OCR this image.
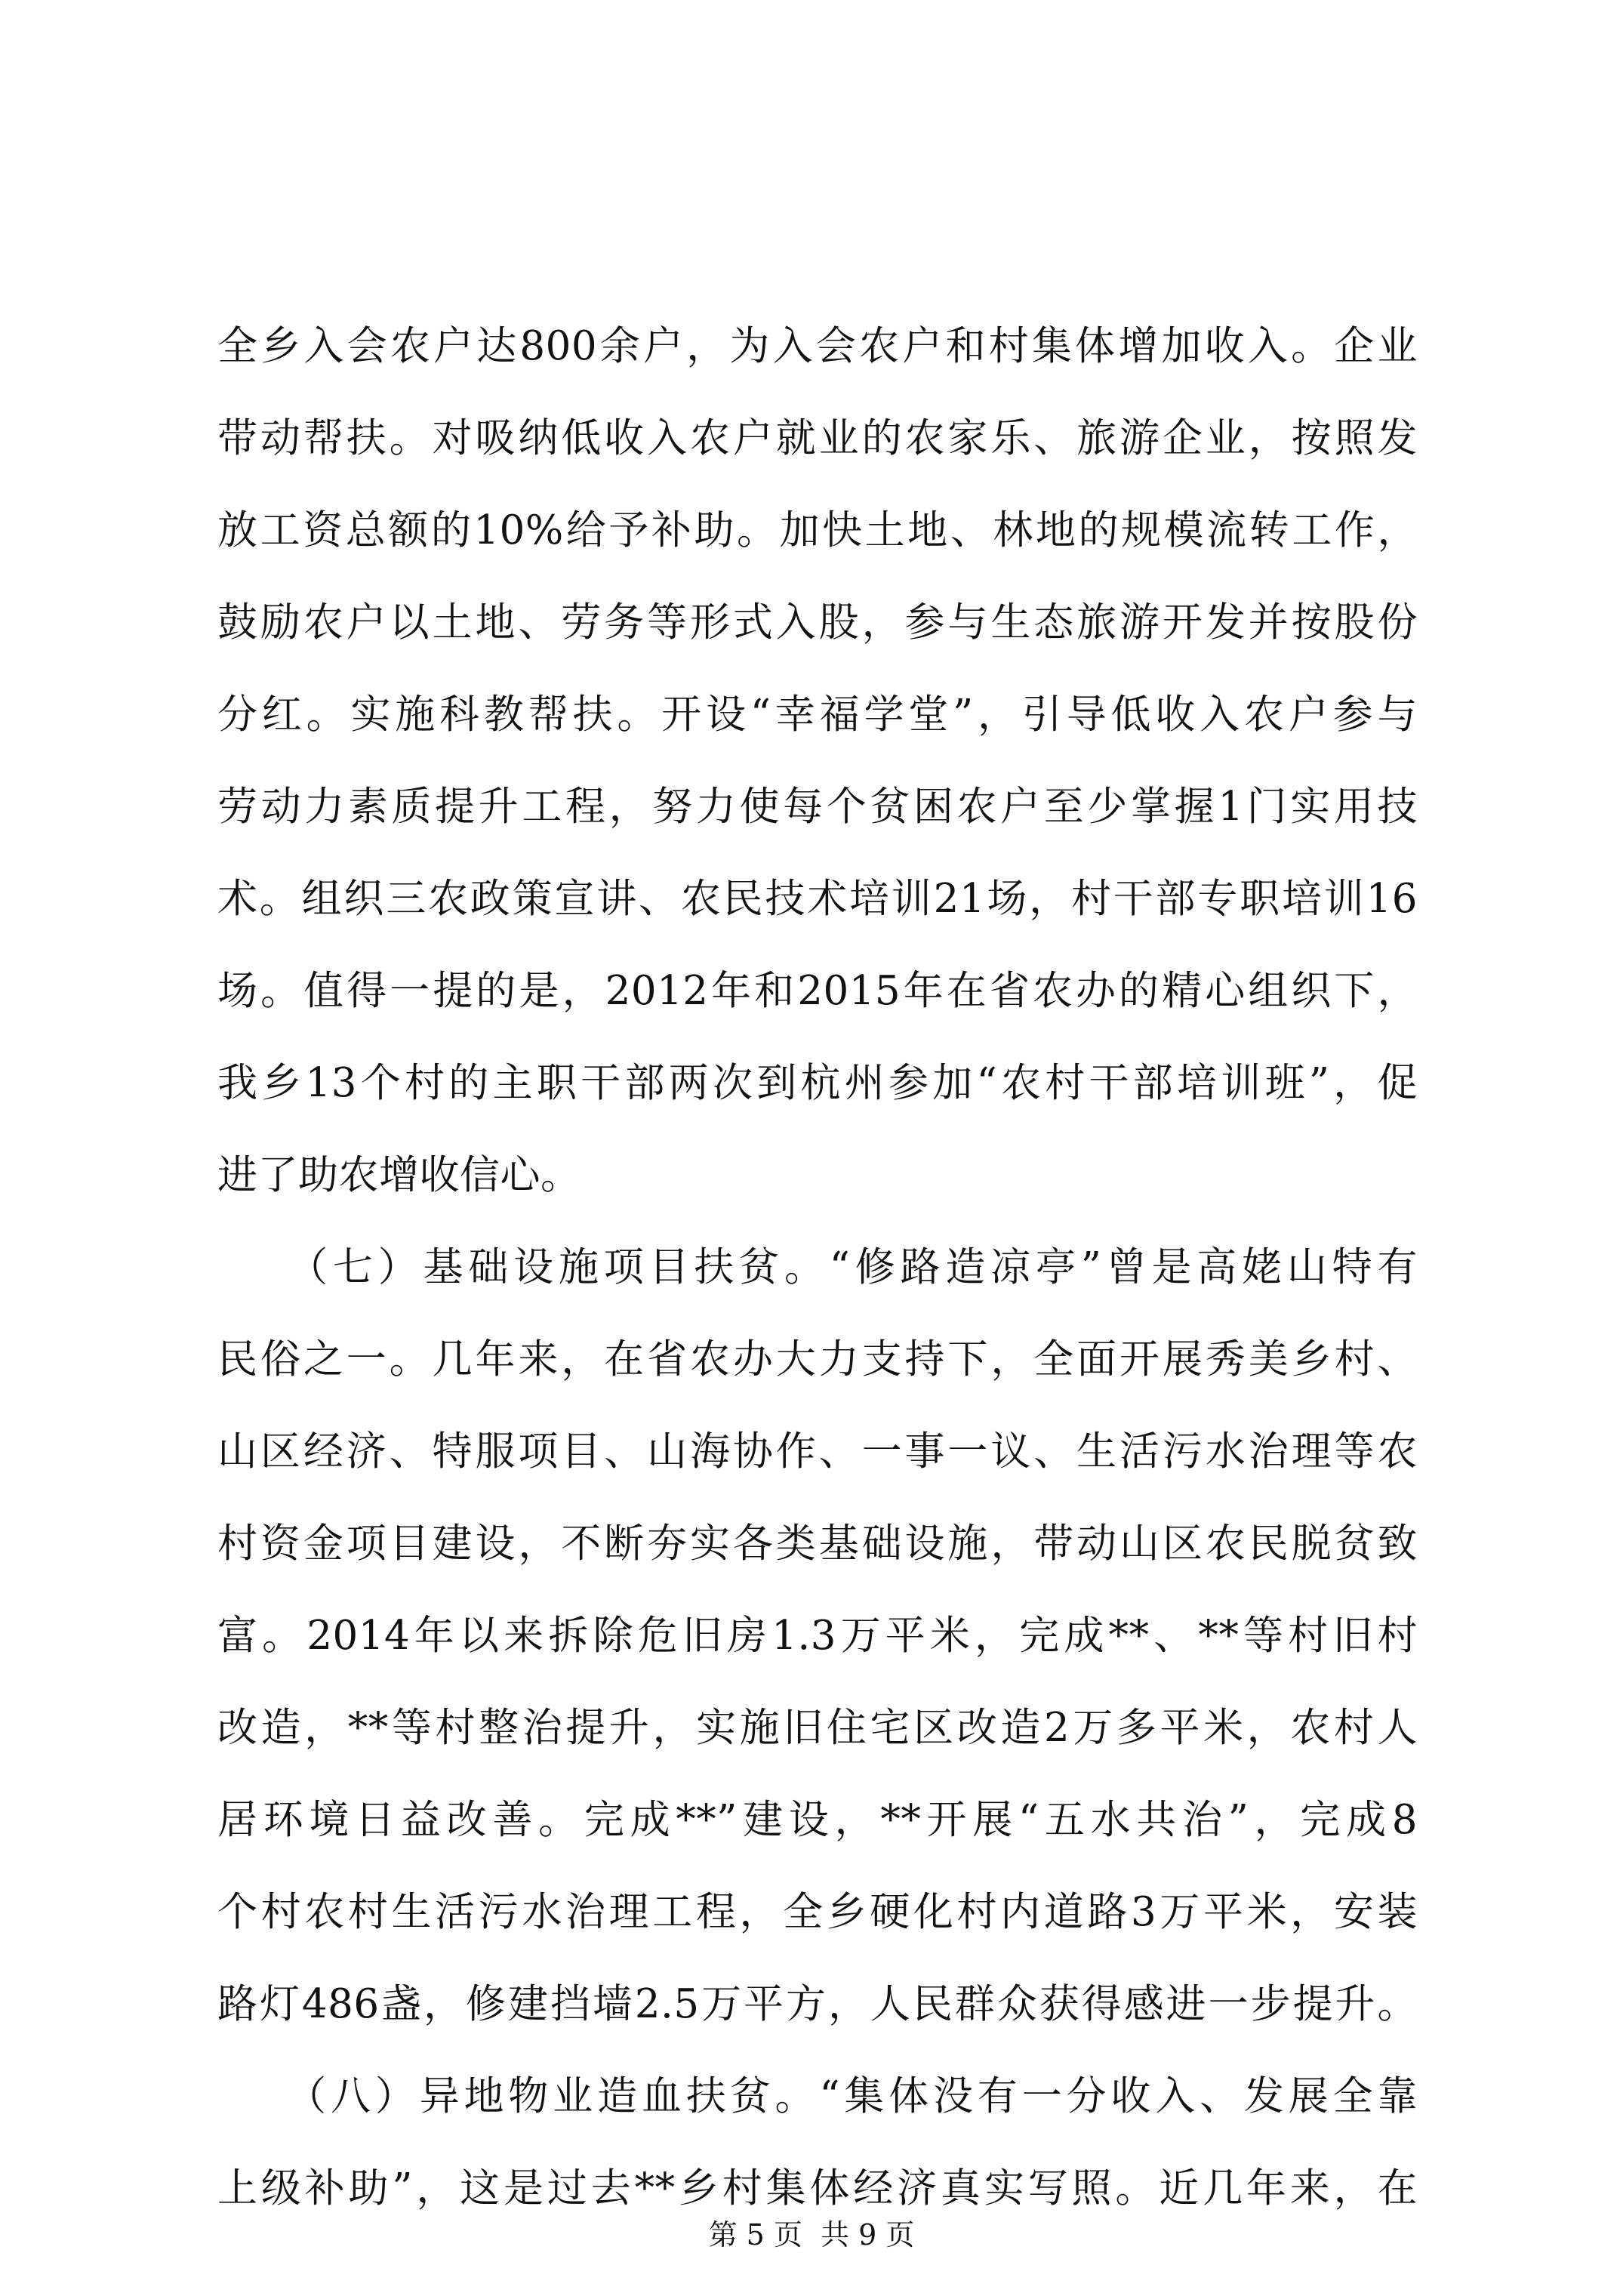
全乡入会农户达800余户，为入会农户和村集体增加收入。企业
带动帮扶。对吸纳低收入农户就业的农家乐、旅游企业，按照发
放工资总额的10%给予补助。加快土地、林地的规模流转工作，
鼓励农户以土地、劳务等形式入股，参与生态旅游开发并按股份
分红。实施科教帮扶。开设“幸福学堂”，引导低收入农户参与
劳动力素质提升工程，努力使每个贫困农户至少掌握1门实用技
术。组织三农政策宣讲、农民技术培训21场，村干部专职培训16
场。值得一提的是，2012年和2015年在省农办的精心组织下，
我乡13个村的主职干部两次到杭州参加“农村干部培训班”，促
进了助农增收信心。
　　（七）基础设施项目扶贫。“修路造凉亭”曾是高姥山特有
民俗之一。几年来，在省农办大力支持下，全面开展秀美乡村、
山区经济、特服项目、山海协作、一事一议、生活污水治理等农
村资金项目建设，不断夯实各类基础设施，带动山区农民脱贫致
富。2014年以来拆除危旧房1.3万平米，完成**、**等村旧村
改造，**等村整治提升，实施旧住宅区改造2万多平米，农村人
居环境日益改善。完成**”建设，**开展“五水共治”，完成8
个村农村生活污水治理工程，全乡硬化村内道路3万平米，安装
路灯486盏，修建挡墙2.5万平方，人民群众获得感进一步提升。
　　（八）异地物业造血扶贫。“集体没有一分收入、发展全靠
上级补助”，这是过去**乡村集体经济真实写照。近几年来，在
第 5 页  共 9 页
